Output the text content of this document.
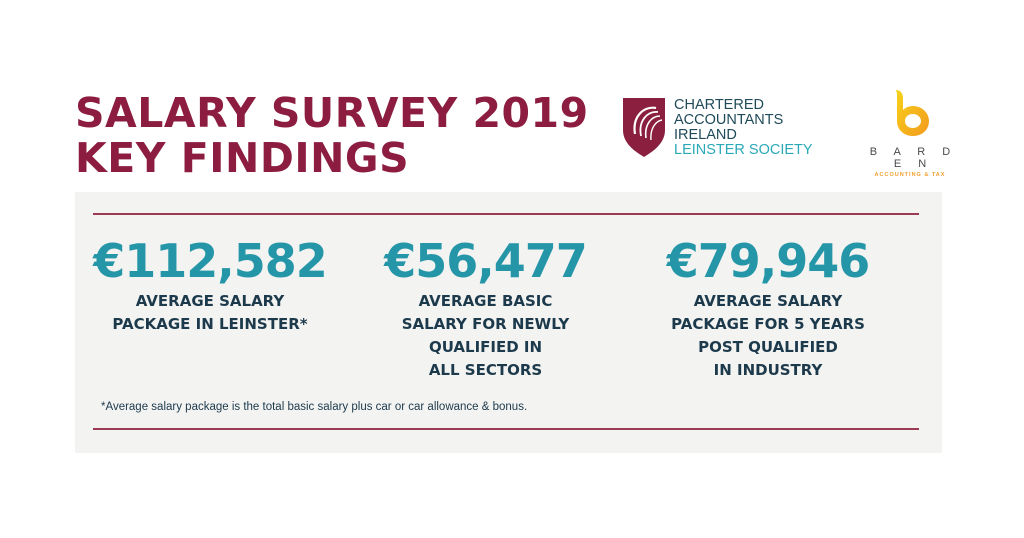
SALARY SURVEY 2019
KEY FINDINGS
CHARTERED
ACCOUNTANTS
IRELAND
LEINSTER SOCIETY	B A R D E N
ACCOUNTING & TAX
€112,582
AVERAGE SALARY
PACKAGE IN LEINSTER*
€56,477
AVERAGE BASIC
SALARY FOR NEWLY
QUALIFIED IN
ALL SECTORS
€79,946
AVERAGE SALARY
PACKAGE FOR 5 YEARS
POST QUALIFIED
IN INDUSTRY
*Average salary package is the total basic salary plus car or car allowance & bonus.
